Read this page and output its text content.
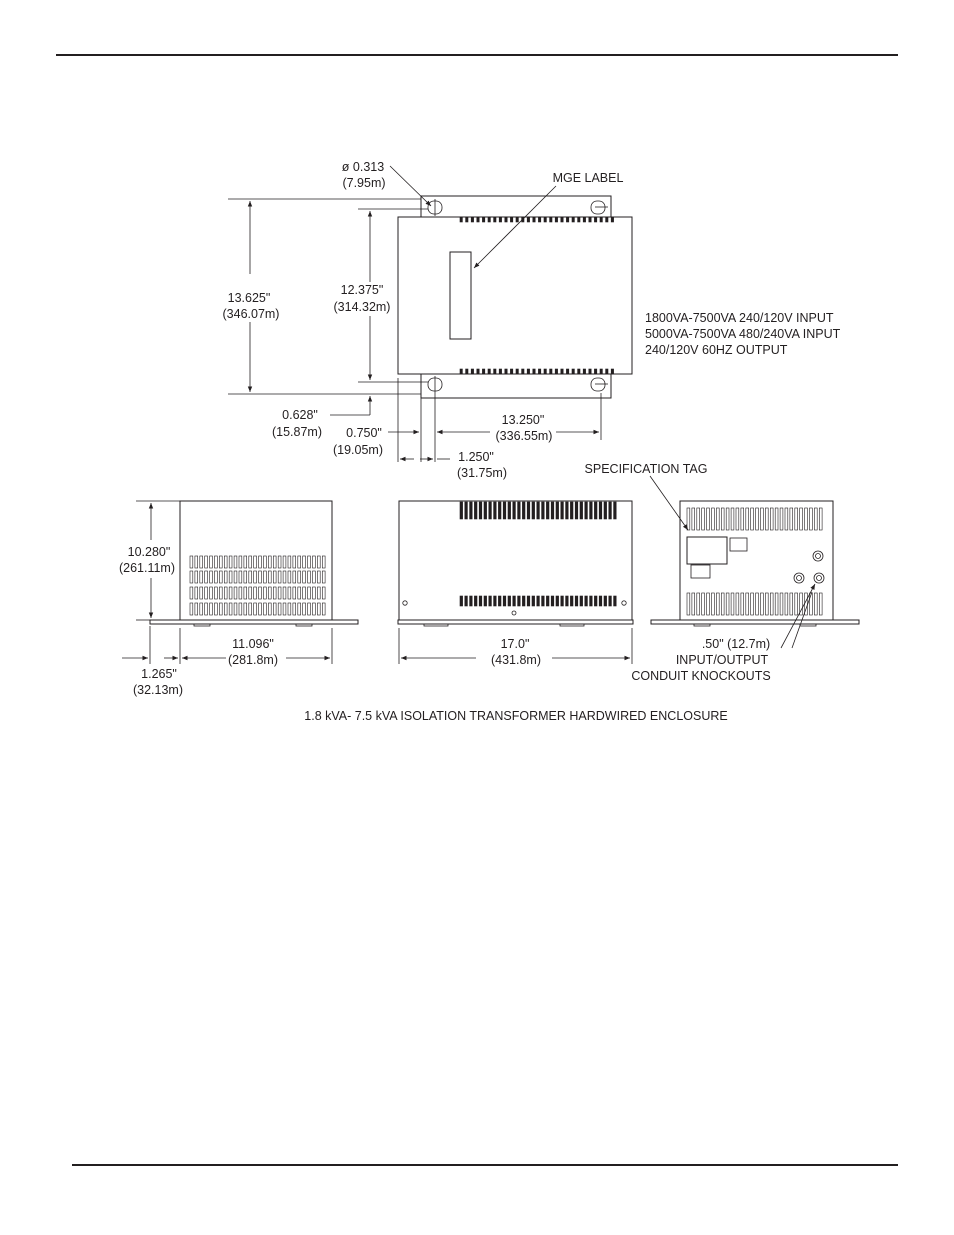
13.625"
(346.07m)
12.375"
(314.32m)
0.628"
(15.87m) 0.750"
(19.05m)	1.250"
(31.75m)
13.250"
(336.55m)
ø 0.313
(7.95m)	MGE LABEL
1800VA-7500VA 240/120V INPUT
5000VA-7500VA 480/240VA INPUT
240/120V 60HZ OUTPUT
10.280"
(261.11m)
11.096"
(281.8m)
1.265"
(32.13m)
17.0"
(431.8m)
SPECIFICATION TAG
.50" (12.7m)
INPUT/OUTPUT
CONDUIT KNOCKOUTS
1.8 kVA- 7.5 kVA ISOLATION TRANSFORMER HARDWIRED ENCLOSURE
